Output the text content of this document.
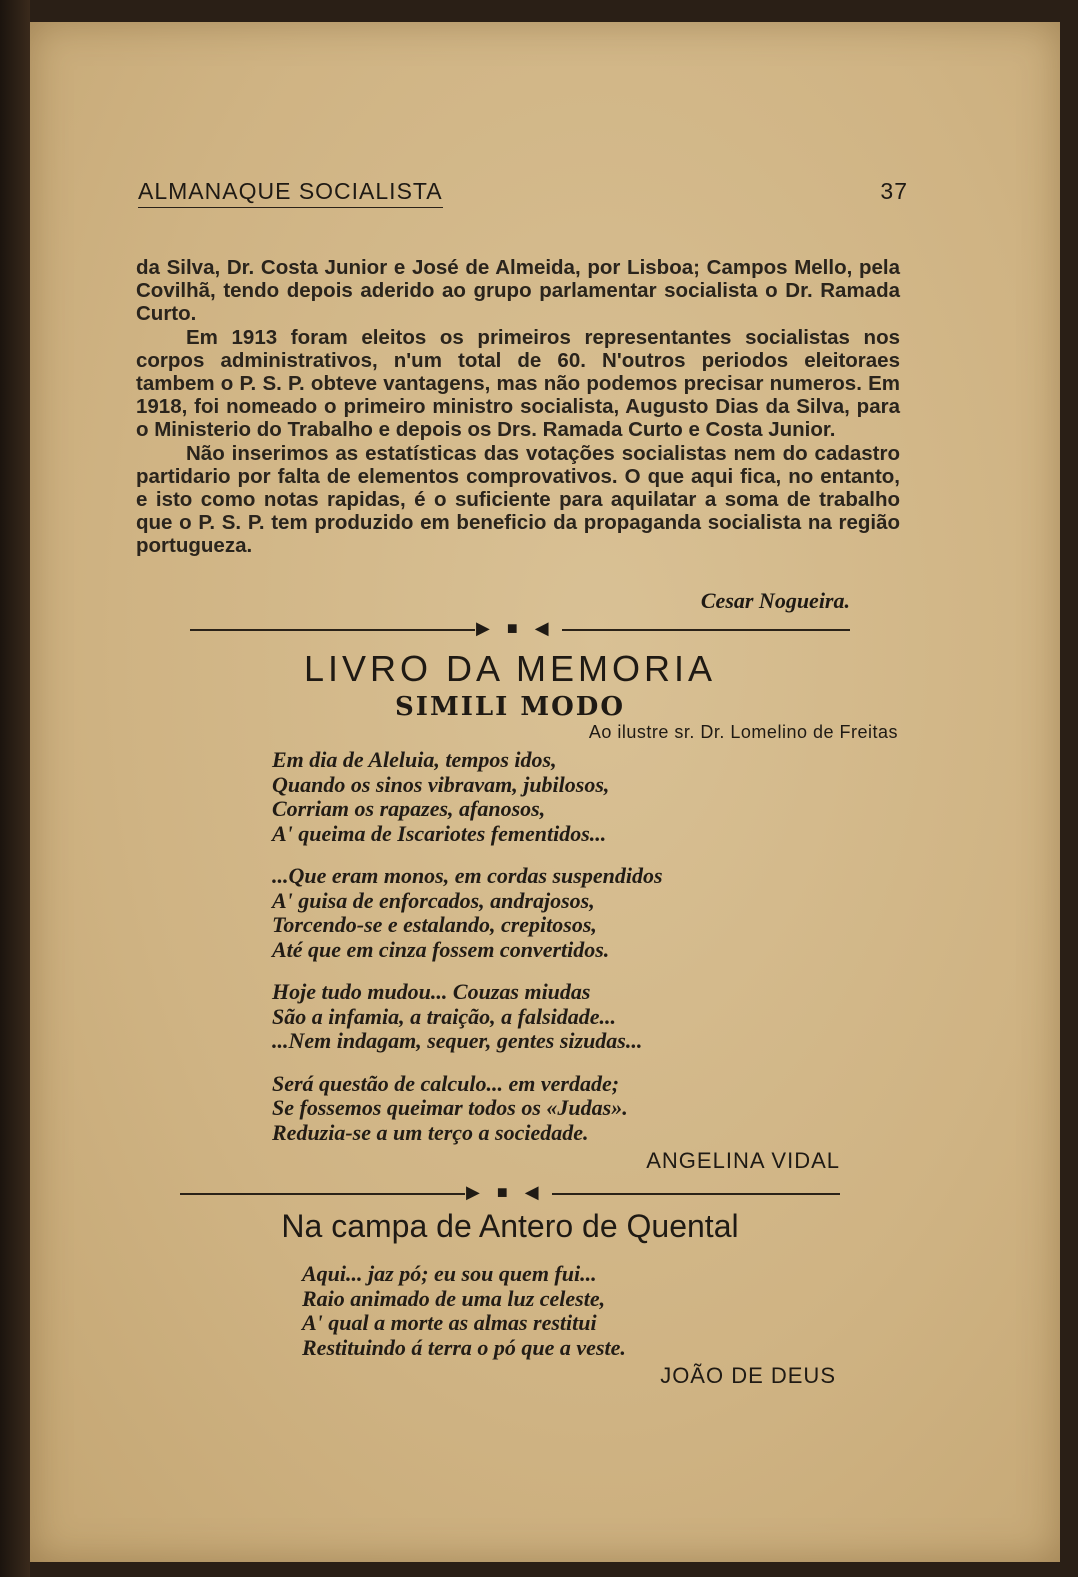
ALMANAQUE SOCIALISTA	37

da Silva, Dr. Costa Junior e José de Almeida, por Lisboa; Campos Mello, pela Covilhã, tendo depois aderido ao grupo parlamentar socialista o Dr. Ramada Curto.

Em 1913 foram eleitos os primeiros representantes socialistas nos corpos administrativos, n'um total de 60. N'outros periodos eleitoraes tambem o P. S. P. obteve vantagens, mas não podemos precisar numeros. Em 1918, foi nomeado o primeiro ministro socialista, Augusto Dias da Silva, para o Ministerio do Trabalho e depois os Drs. Ramada Curto e Costa Junior.

Não inserimos as estatísticas das votações socialistas nem do cadastro partidario por falta de elementos comprovativos. O que aqui fica, no entanto, e isto como notas rapidas, é o suficiente para aquilatar a soma de trabalho que o P. S. P. tem produzido em beneficio da propaganda socialista na região portugueza.

Cesar Nogueira.
▶ ■ ◀
LIVRO DA MEMORIA
SIMILI MODO
Ao ilustre sr. Dr. Lomelino de Freitas
Em dia de Aleluia, tempos idos,
Quando os sinos vibravam, jubilosos,
Corriam os rapazes, afanosos,
A' queima de Iscariotes fementidos...
...Que eram monos, em cordas suspendidos
A' guisa de enforcados, andrajosos,
Torcendo-se e estalando, crepitosos,
Até que em cinza fossem convertidos.
Hoje tudo mudou... Couzas miudas
São a infamia, a traição, a falsidade...
...Nem indagam, sequer, gentes sizudas...
Será questão de calculo... em verdade;
Se fossemos queimar todos os «Judas».
Reduzia-se a um terço a sociedade.
ANGELINA VIDAL
▶ ■ ◀
Na campa de Antero de Quental
Aqui... jaz pó; eu sou quem fui...
Raio animado de uma luz celeste,
A' qual a morte as almas restitui
Restituindo á terra o pó que a veste.
JOÃO DE DEUS
